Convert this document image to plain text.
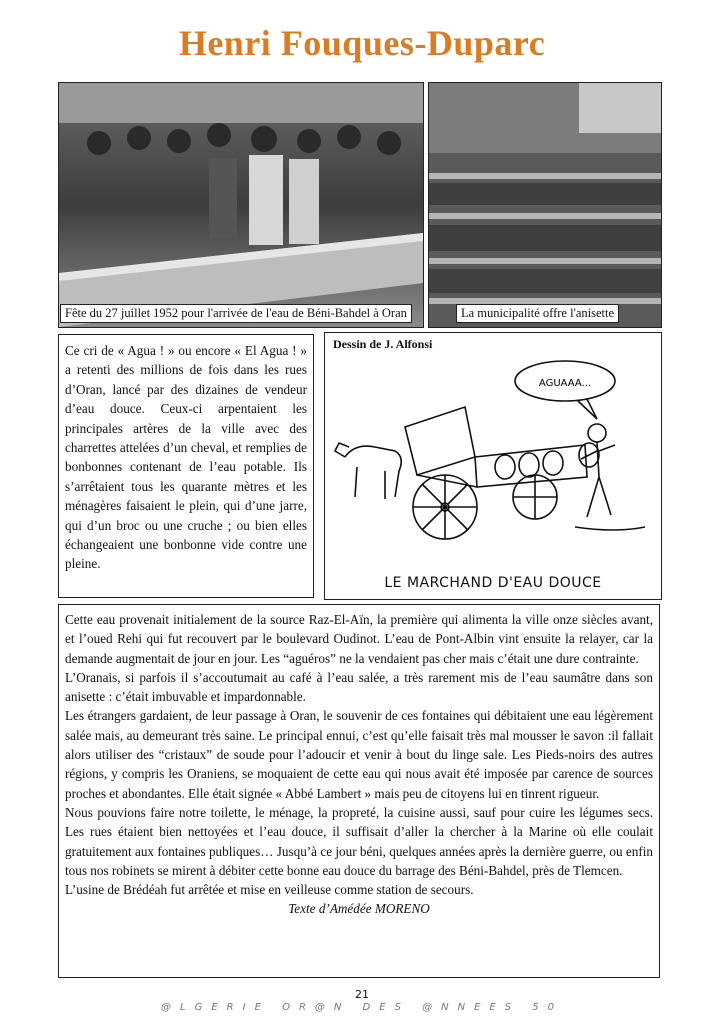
Henri Fouques-Duparc
Fête du 27 juillet 1952 pour l'arrivée de l'eau de Béni-Bahdel à Oran	La municipalité offre l'anisette
Ce cri de « Agua ! » ou encore « El Agua ! » a retenti des millions de fois dans les rues d’Oran, lancé par des dizaines de vendeur d’eau douce. Ceux-ci arpentaient les principales artères de la ville avec des charrettes attelées d’un cheval, et remplies de bonbonnes contenant de l’eau potable. Ils s’arrêtaient tous les quarante mètres et les ménagères faisaient le plein, qui d’une jarre, qui d’un broc ou une cruche ; ou bien elles échangeaient une bonbonne vide contre une pleine.
Dessin de J. Alfonsi
AGUAAA...
LE MARCHAND D'EAU DOUCE

Cette eau provenait initialement de la source Raz-El-Aïn, la première qui alimenta la ville onze siècles avant, et l’oued Rehi qui fut recouvert par le boulevard Oudinot. L’eau de Pont-Albin vint ensuite la relayer, car la demande augmentait de jour en jour. Les “aguéros” ne la vendaient pas cher mais c’était une dure contrainte.

L’Oranais, si parfois il s’accoutumait au café à l’eau salée, a très rarement mis de l’eau saumâtre dans son anisette : c’était imbuvable et impardonnable.

Les étrangers gardaient, de leur passage à Oran, le souvenir de ces fontaines qui débitaient une eau légèrement salée mais, au demeurant très saine. Le principal ennui, c’est qu’elle faisait très mal mousser le savon :il fallait alors utiliser des “cristaux” de soude pour l’adoucir et venir à bout du linge sale. Les Pieds-noirs des autres régions, y compris les Oraniens, se moquaient de cette eau qui nous avait été imposée par carence de sources proches et abondantes. Elle était signée « Abbé Lambert » mais peu de citoyens lui en tinrent rigueur.

Nous pouvions faire notre toilette, le ménage, la propreté, la cuisine aussi, sauf pour cuire les légumes secs. Les rues étaient bien nettoyées et l’eau douce, il suffisait d’aller la chercher à la Marine où elle coulait gratuitement aux fontaines publiques… Jusqu’à ce jour béni, quelques années après la dernière guerre, ou enfin tous nos robinets se mirent à débiter cette bonne eau douce du barrage des Béni-Bahdel, près de Tlemcen.

L’usine de Brédéah fut arrêtée et mise en veilleuse comme station de secours.

Texte d’Amédée MORENO

21
@LGERIE OR@N DES @NNEES 50
